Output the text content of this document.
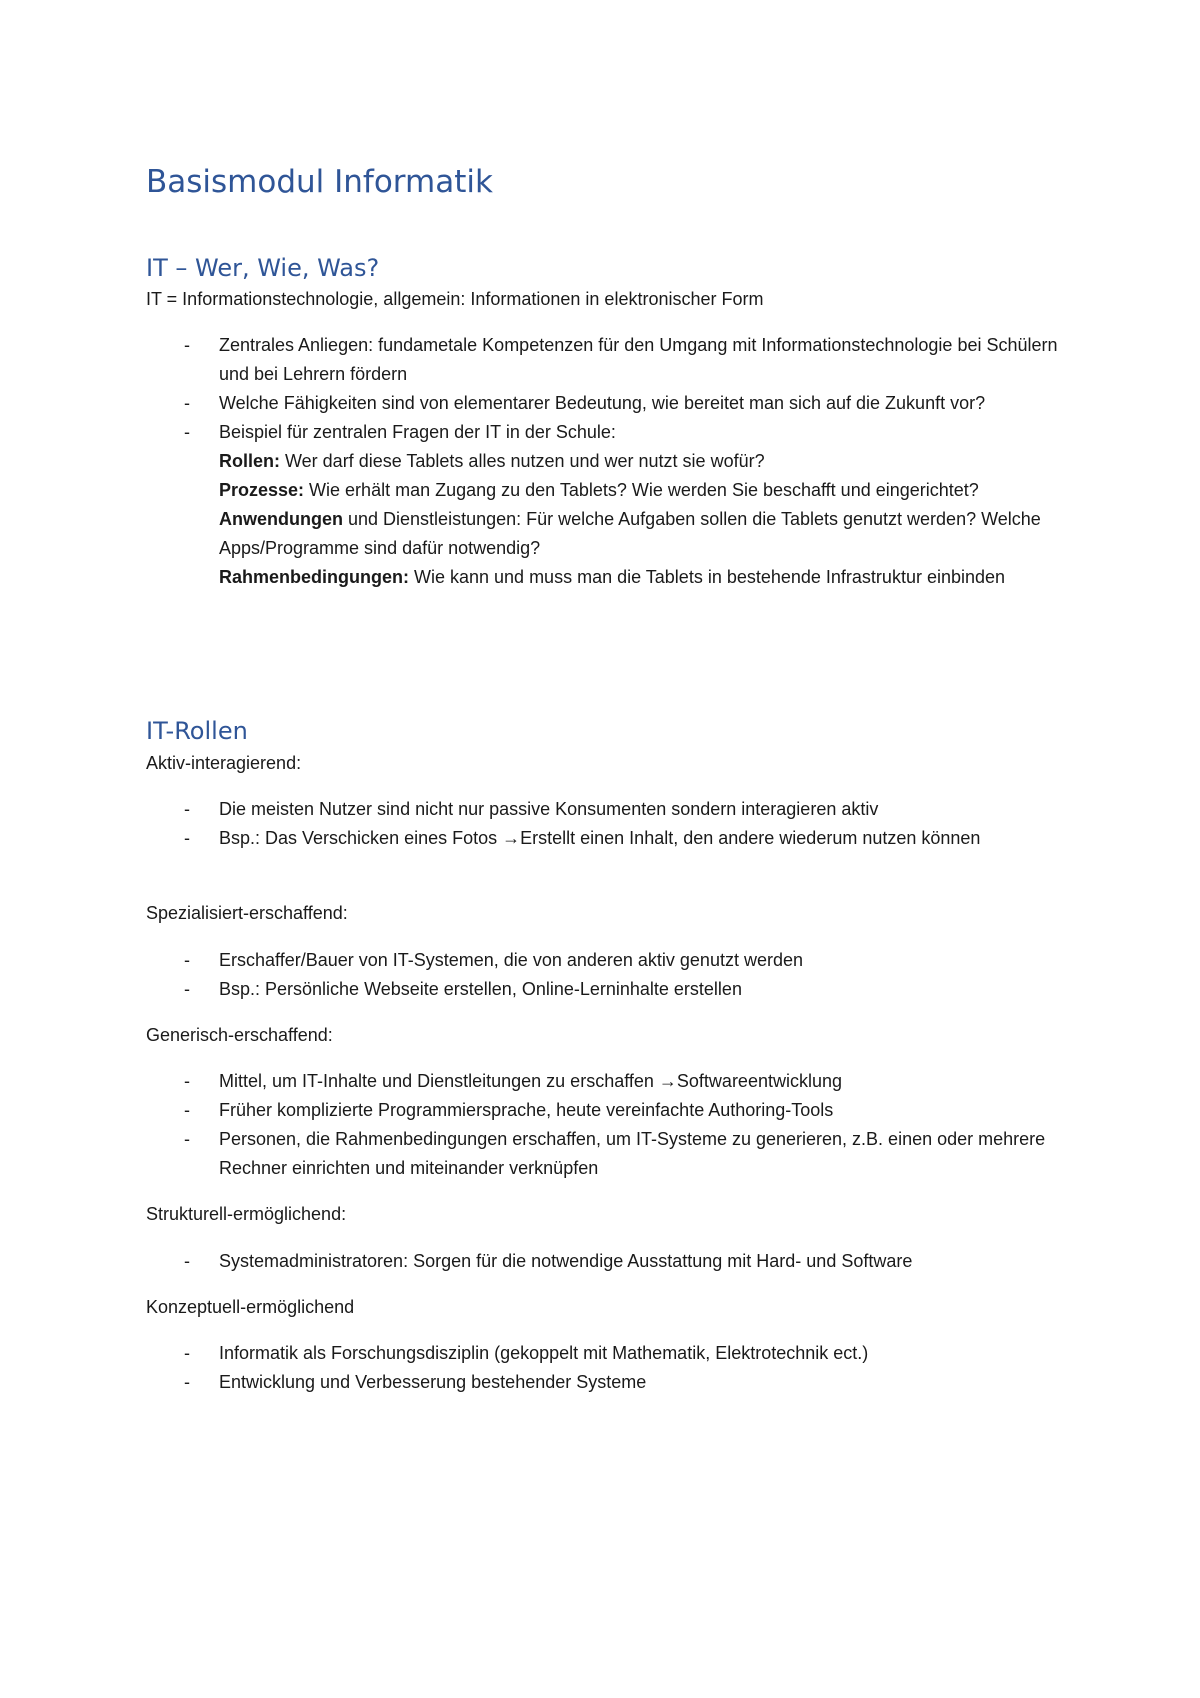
Basismodul Informatik
IT – Wer, Wie, Was?

IT = Informationstechnologie, allgemein: Informationen in elektronischer Form

- Zentrales Anliegen: fundametale Kompetenzen für den Umgang mit Informationstechnologie bei Schülern und bei Lehrern fördern
- Welche Fähigkeiten sind von elementarer Bedeutung, wie bereitet man sich auf die Zukunft vor?
- Beispiel für zentralen Fragen der IT in der Schule:
Rollen: Wer darf diese Tablets alles nutzen und wer nutzt sie wofür?
Prozesse: Wie erhält man Zugang zu den Tablets? Wie werden Sie beschafft und eingerichtet?
Anwendungen und Dienstleistungen: Für welche Aufgaben sollen die Tablets genutzt werden? Welche Apps/Programme sind dafür notwendig?
Rahmenbedingungen: Wie kann und muss man die Tablets in bestehende Infrastruktur einbinden
IT-Rollen

Aktiv-interagierend:

- Die meisten Nutzer sind nicht nur passive Konsumenten sondern interagieren aktiv
- Bsp.: Das Verschicken eines Fotos →Erstellt einen Inhalt, den andere wiederum nutzen können

Spezialisiert-erschaffend:

- Erschaffer/Bauer von IT-Systemen, die von anderen aktiv genutzt werden
- Bsp.: Persönliche Webseite erstellen, Online-Lerninhalte erstellen

Generisch-erschaffend:

- Mittel, um IT-Inhalte und Dienstleitungen zu erschaffen →Softwareentwicklung
- Früher komplizierte Programmiersprache, heute vereinfachte Authoring-Tools
- Personen, die Rahmenbedingungen erschaffen, um IT-Systeme zu generieren, z.B. einen oder mehrere Rechner einrichten und miteinander verknüpfen

Strukturell-ermöglichend:

- Systemadministratoren: Sorgen für die notwendige Ausstattung mit Hard- und Software

Konzeptuell-ermöglichend

- Informatik als Forschungsdisziplin (gekoppelt mit Mathematik, Elektrotechnik ect.)
- Entwicklung und Verbesserung bestehender Systeme
